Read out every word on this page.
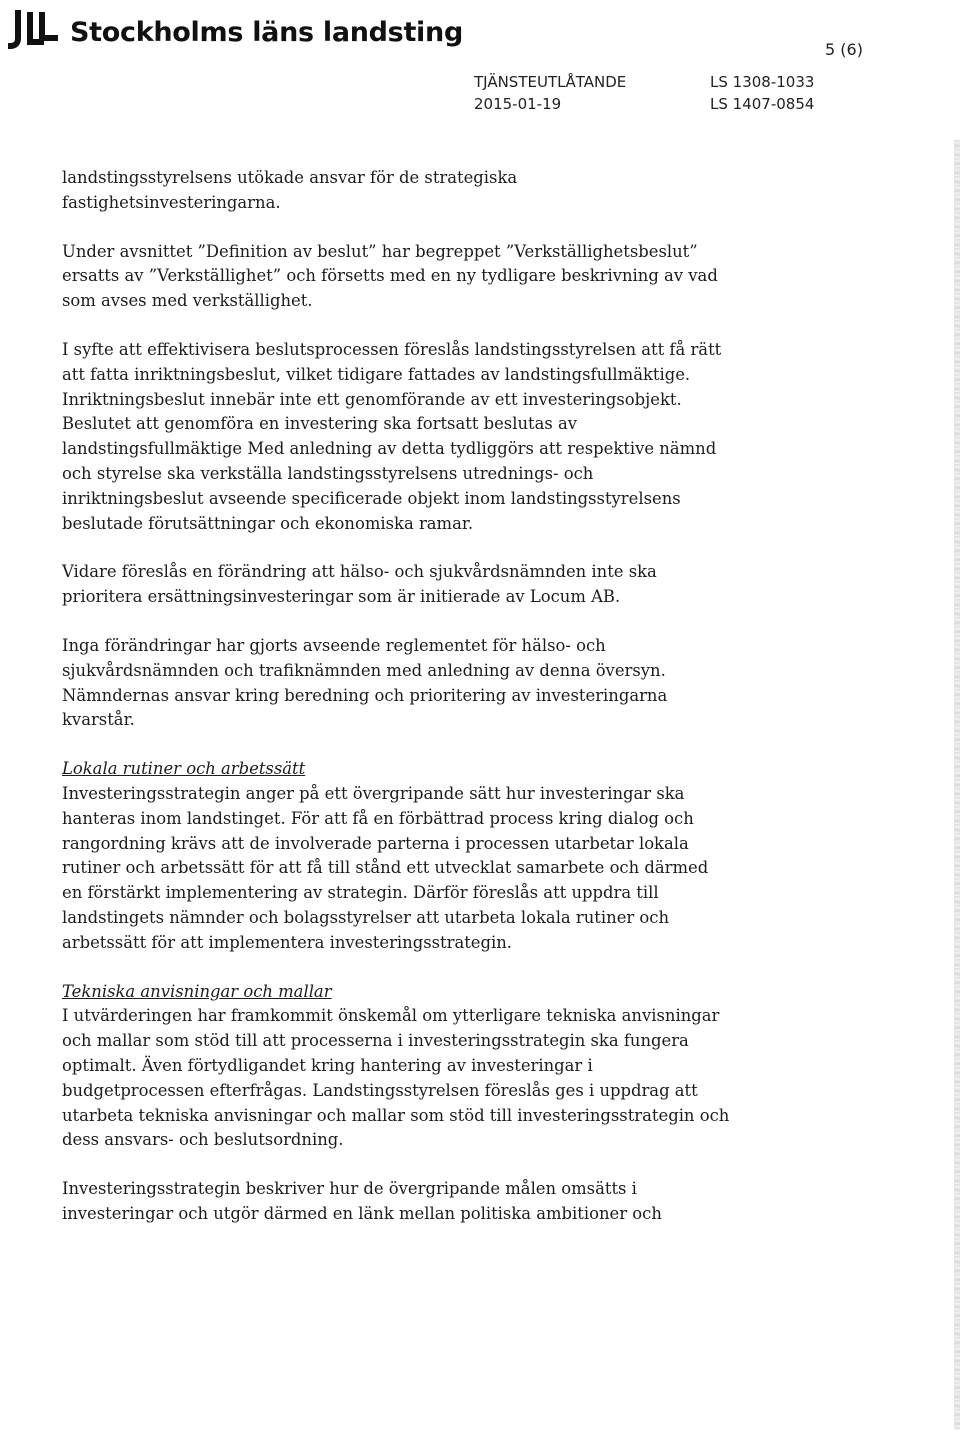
Stockholms läns landsting
5 (6)
TJÄNSTEUTLÅTANDE
2015-01-19
LS 1308-1033
LS 1407-0854

landstingsstyrelsens utökade ansvar för de strategiska fastighetsinvesteringarna.

Under avsnittet ”Definition av beslut” har begreppet ”Verkställighetsbeslut” ersatts av ”Verkställighet” och försetts med en ny tydligare beskrivning av vad som avses med verkställighet.

I syfte att effektivisera beslutsprocessen föreslås landstingsstyrelsen att få rätt att fatta inriktningsbeslut, vilket tidigare fattades av landstingsfullmäktige. Inriktningsbeslut innebär inte ett genomförande av ett investeringsobjekt. Beslutet att genomföra en investering ska fortsatt beslutas av landstingsfullmäktige Med anledning av detta tydliggörs att respektive nämnd och styrelse ska verkställa landstingsstyrelsens utrednings- och inriktningsbeslut avseende specificerade objekt inom landstingsstyrelsens beslutade förutsättningar och ekonomiska ramar.

Vidare föreslås en förändring att hälso- och sjukvårdsnämnden inte ska prioritera ersättningsinvesteringar som är initierade av Locum AB.

Inga förändringar har gjorts avseende reglementet för hälso- och sjukvårdsnämnden och trafiknämnden med anledning av denna översyn. Nämndernas ansvar kring beredning och prioritering av investeringarna kvarstår.

Lokala rutiner och arbetssätt

Investeringsstrategin anger på ett övergripande sätt hur investeringar ska hanteras inom landstinget. För att få en förbättrad process kring dialog och rangordning krävs att de involverade parterna i processen utarbetar lokala rutiner och arbetssätt för att få till stånd ett utvecklat samarbete och därmed en förstärkt implementering av strategin. Därför föreslås att uppdra till landstingets nämnder och bolagsstyrelser att utarbeta lokala rutiner och arbetssätt för att implementera investeringsstrategin.

Tekniska anvisningar och mallar

I utvärderingen har framkommit önskemål om ytterligare tekniska anvisningar och mallar som stöd till att processerna i investeringsstrategin ska fungera optimalt. Även förtydligandet kring hantering av investeringar i budgetprocessen efterfrågas. Landstingsstyrelsen föreslås ges i uppdrag att utarbeta tekniska anvisningar och mallar som stöd till investeringsstrategin och dess ansvars- och beslutsordning.

Investeringsstrategin beskriver hur de övergripande målen omsätts i investeringar och utgör därmed en länk mellan politiska ambitioner och
